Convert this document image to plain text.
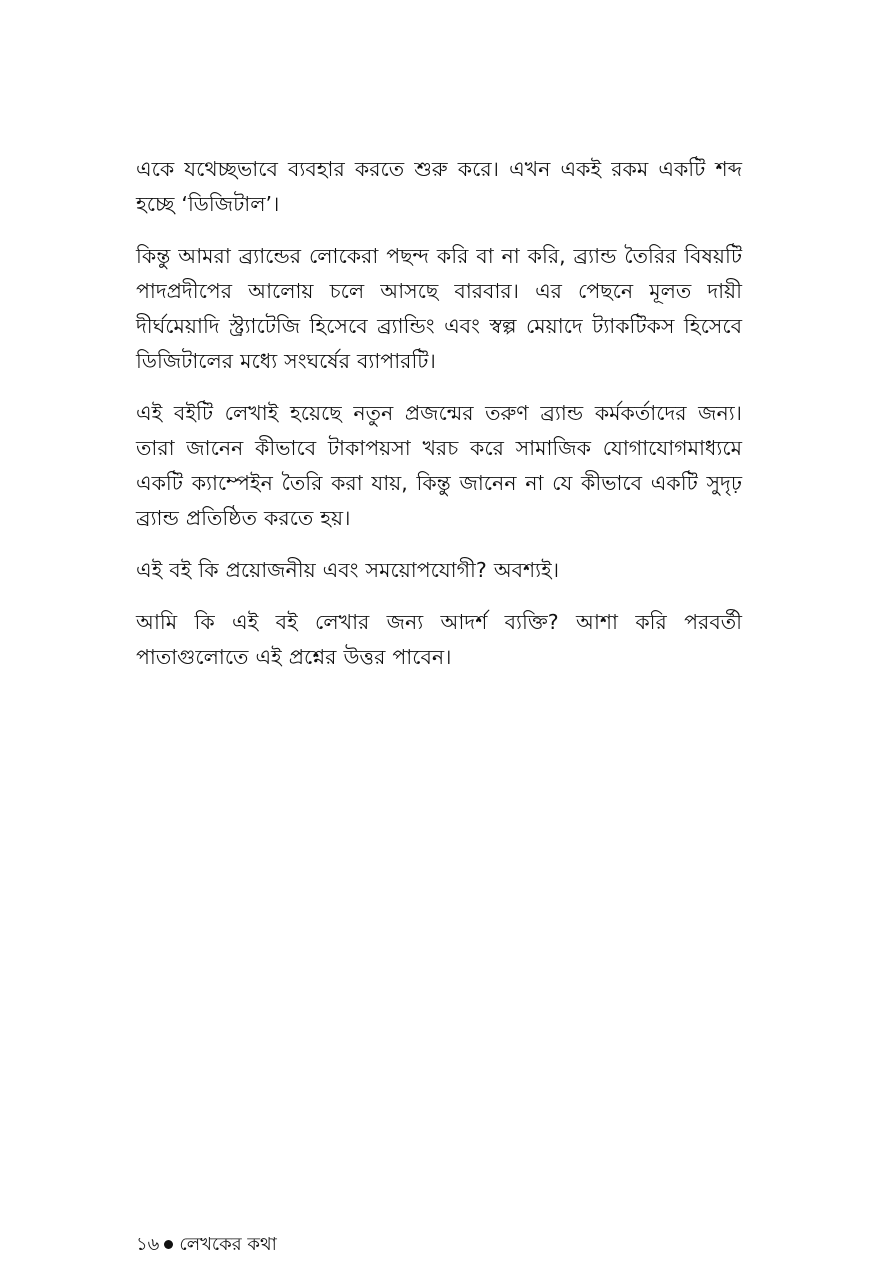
একে যথেচ্ছভাবে ব্যবহার করতে শুরু করে। এখন একই রকম একটি শব্দ হচ্ছে ‘ডিজিটাল’।

কিন্তু আমরা ব্র্যান্ডের লোকেরা পছন্দ করি বা না করি, ব্র্যান্ড তৈরির বিষয়টি পাদপ্রদীপের আলোয় চলে আসছে বারবার। এর পেছনে মূলত দায়ী দীর্ঘমেয়াদি স্ট্র্যাটেজি হিসেবে ব্র্যান্ডিং এবং স্বল্প মেয়াদে ট্যাকটিকস হিসেবে ডিজিটালের মধ্যে সংঘর্ষের ব্যাপারটি।

এই বইটি লেখাই হয়েছে নতুন প্রজন্মের তরুণ ব্র্যান্ড কর্মকর্তাদের জন্য। তারা জানেন কীভাবে টাকাপয়সা খরচ করে সামাজিক যোগাযোগমাধ্যমে একটি ক্যাম্পেইন তৈরি করা যায়, কিন্তু জানেন না যে কীভাবে একটি সুদৃঢ় ব্র্যান্ড প্রতিষ্ঠিত করতে হয়।

এই বই কি প্রয়োজনীয় এবং সময়োপযোগী? অবশ্যই।

আমি কি এই বই লেখার জন্য আদর্শ ব্যক্তি? আশা করি পরবর্তী পাতাগুলোতে এই প্রশ্নের উত্তর পাবেন।

১৬ লেখকের কথা
